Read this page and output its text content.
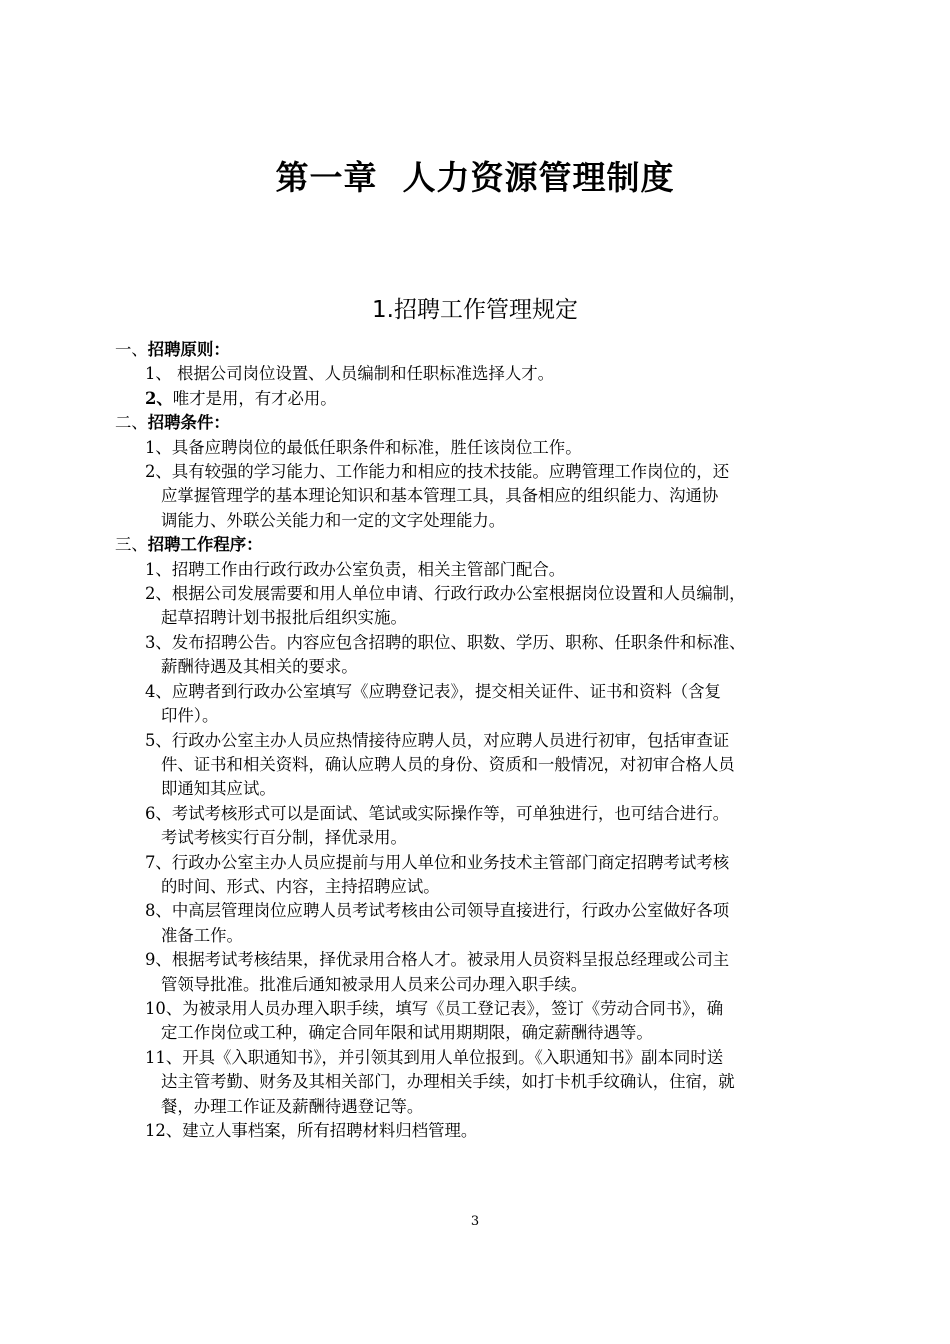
第一章  人力资源管理制度
1.招聘工作管理规定
一、招聘原则：
1、 根据公司岗位设置、人员编制和任职标准选择人才。
2、唯才是用，有才必用。
二、招聘条件：
1、具备应聘岗位的最低任职条件和标准，胜任该岗位工作。
2、具有较强的学习能力、工作能力和相应的技术技能。应聘管理工作岗位的，还
应掌握管理学的基本理论知识和基本管理工具，具备相应的组织能力、沟通协
调能力、外联公关能力和一定的文字处理能力。
三、招聘工作程序：
1、招聘工作由行政行政办公室负责，相关主管部门配合。
2、根据公司发展需要和用人单位申请、行政行政办公室根据岗位设置和人员编制，
起草招聘计划书报批后组织实施。
3、发布招聘公告。内容应包含招聘的职位、职数、学历、职称、任职条件和标准、
薪酬待遇及其相关的要求。
4、应聘者到行政办公室填写《应聘登记表》，提交相关证件、证书和资料（含复
印件）。
5、行政办公室主办人员应热情接待应聘人员，对应聘人员进行初审，包括审查证
件、证书和相关资料，确认应聘人员的身份、资质和一般情况，对初审合格人员
即通知其应试。
6、考试考核形式可以是面试、笔试或实际操作等，可单独进行，也可结合进行。
考试考核实行百分制，择优录用。
7、行政办公室主办人员应提前与用人单位和业务技术主管部门商定招聘考试考核
的时间、形式、内容，主持招聘应试。
8、中高层管理岗位应聘人员考试考核由公司领导直接进行，行政办公室做好各项
准备工作。
9、根据考试考核结果，择优录用合格人才。被录用人员资料呈报总经理或公司主
管领导批准。批准后通知被录用人员来公司办理入职手续。
10、为被录用人员办理入职手续，填写《员工登记表》，签订《劳动合同书》，确
定工作岗位或工种，确定合同年限和试用期期限，确定薪酬待遇等。
11、开具《入职通知书》，并引领其到用人单位报到。《入职通知书》副本同时送
达主管考勤、财务及其相关部门，办理相关手续，如打卡机手纹确认，住宿，就
餐，办理工作证及薪酬待遇登记等。
12、建立人事档案，所有招聘材料归档管理。
3
